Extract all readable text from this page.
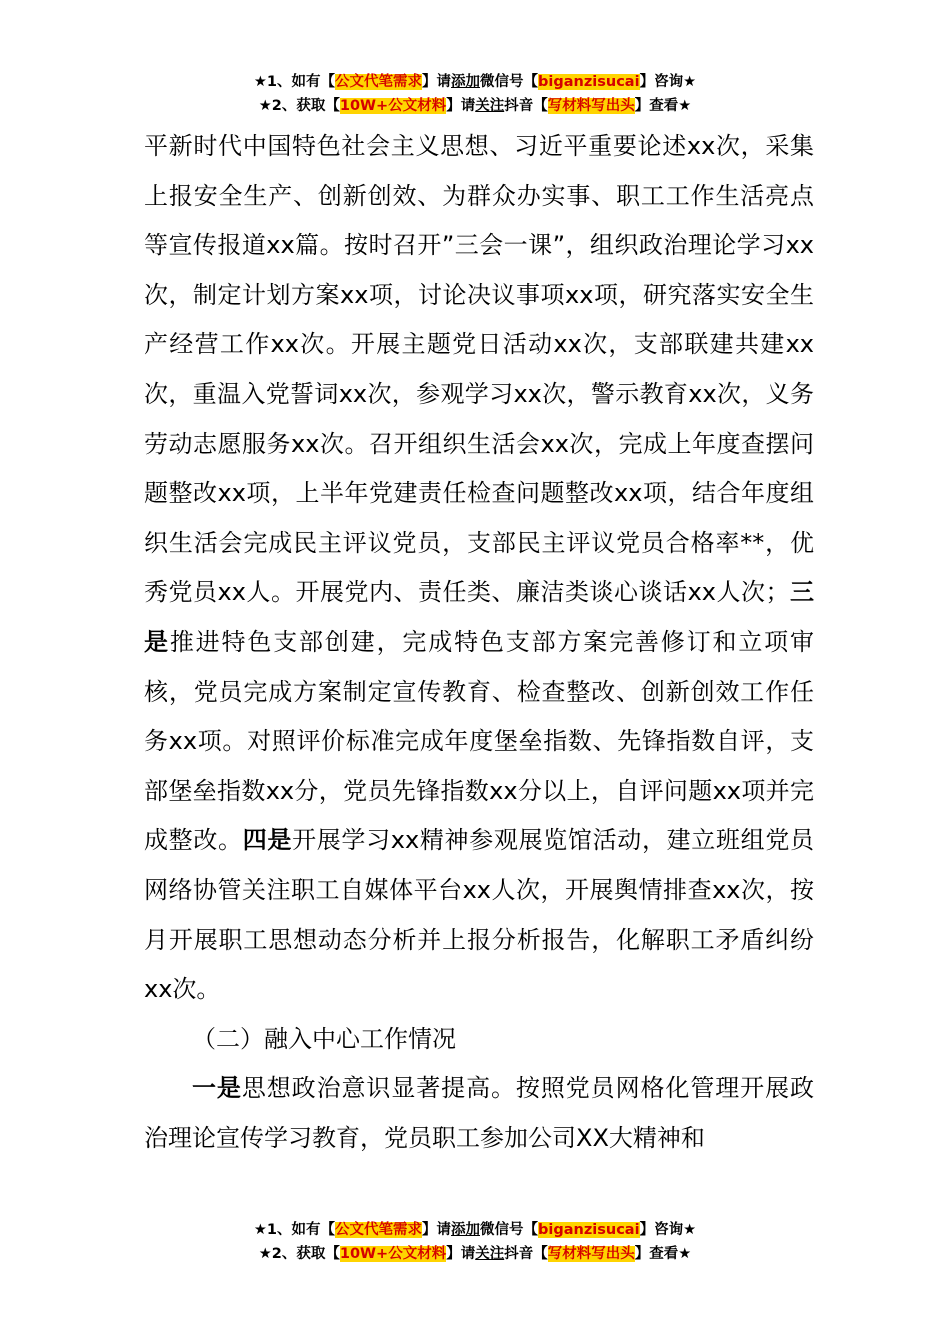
★1、如有【公文代笔需求】请添加微信号【biganzisucai】咨询★
★2、获取【10W+公文材料】请关注抖音【写材料写出头】查看★

平新时代中国特色社会主义思想、习近平重要论述xx次，采集上报安全生产、创新创效、为群众办实事、职工工作生活亮点等宣传报道xx篇。按时召开”三会一课”，组织政治理论学习xx次，制定计划方案xx项，讨论决议事项xx项，研究落实安全生产经营工作xx次。开展主题党日活动xx次，支部联建共建xx次，重温入党誓词xx次，参观学习xx次，警示教育xx次，义务劳动志愿服务xx次。召开组织生活会xx次，完成上年度查摆问题整改xx项，上半年党建责任检查问题整改xx项，结合年度组织生活会完成民主评议党员，支部民主评议党员合格率**，优秀党员xx人。开展党内、责任类、廉洁类谈心谈话xx人次；三是推进特色支部创建，完成特色支部方案完善修订和立项审核，党员完成方案制定宣传教育、检查整改、创新创效工作任务xx项。对照评价标准完成年度堡垒指数、先锋指数自评，支部堡垒指数xx分，党员先锋指数xx分以上，自评问题xx项并完成整改。四是开展学习xx精神参观展览馆活动，建立班组党员网络协管关注职工自媒体平台xx人次，开展舆情排查xx次，按月开展职工思想动态分析并上报分析报告，化解职工矛盾纠纷xx次。

（二）融入中心工作情况

一是思想政治意识显著提高。按照党员网格化管理开展政治理论宣传学习教育，党员职工参加公司XX大精神和

★1、如有【公文代笔需求】请添加微信号【biganzisucai】咨询★
★2、获取【10W+公文材料】请关注抖音【写材料写出头】查看★
